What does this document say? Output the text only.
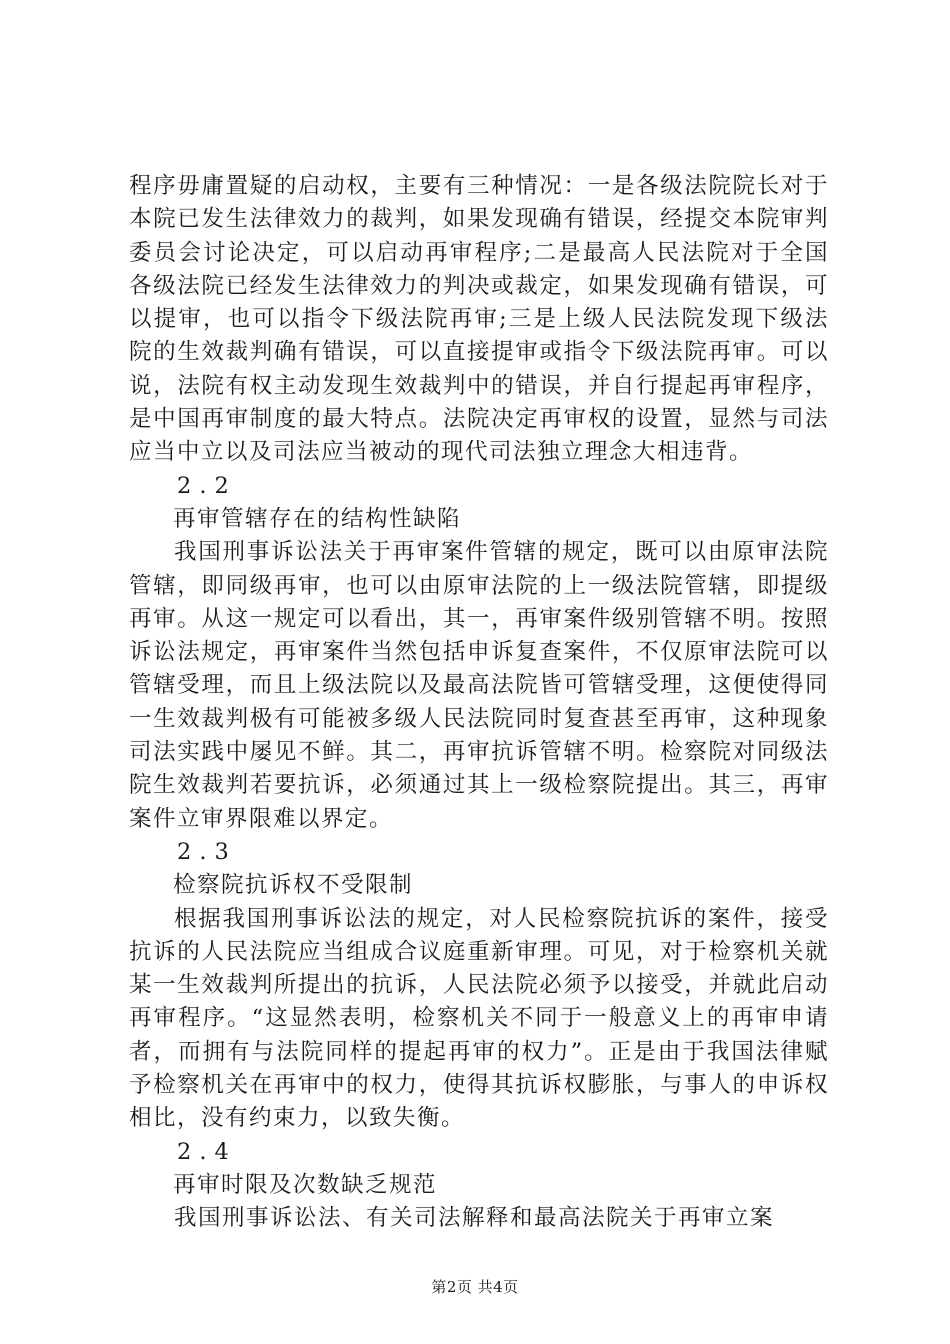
程序毋庸置疑的启动权，主要有三种情况：一是各级法院院长对于本院已发生法律效力的裁判，如果发现确有错误，经提交本院审判委员会讨论决定，可以启动再审程序;二是最高人民法院对于全国各级法院已经发生法律效力的判决或裁定，如果发现确有错误，可以提审，也可以指令下级法院再审;三是上级人民法院发现下级法院的生效裁判确有错误，可以直接提审或指令下级法院再审。可以说，法院有权主动发现生效裁判中的错误，并自行提起再审程序，是中国再审制度的最大特点。法院决定再审权的设置，显然与司法应当中立以及司法应当被动的现代司法独立理念大相违背。

2.2

再审管辖存在的结构性缺陷

我国刑事诉讼法关于再审案件管辖的规定，既可以由原审法院管辖，即同级再审，也可以由原审法院的上一级法院管辖，即提级再审。从这一规定可以看出，其一，再审案件级别管辖不明。按照诉讼法规定，再审案件当然包括申诉复查案件，不仅原审法院可以管辖受理，而且上级法院以及最高法院皆可管辖受理，这便使得同一生效裁判极有可能被多级人民法院同时复查甚至再审，这种现象司法实践中屡见不鲜。其二，再审抗诉管辖不明。检察院对同级法院生效裁判若要抗诉，必须通过其上一级检察院提出。其三，再审案件立审界限难以界定。

2.3

检察院抗诉权不受限制

根据我国刑事诉讼法的规定，对人民检察院抗诉的案件，接受抗诉的人民法院应当组成合议庭重新审理。可见，对于检察机关就某一生效裁判所提出的抗诉，人民法院必须予以接受，并就此启动再审程序。“这显然表明，检察机关不同于一般意义上的再审申请者，而拥有与法院同样的提起再审的权力”。正是由于我国法律赋予检察机关在再审中的权力，使得其抗诉权膨胀，与事人的申诉权相比，没有约束力，以致失衡。

2.4

再审时限及次数缺乏规范

我国刑事诉讼法、有关司法解释和最高法院关于再审立案

第2页 共4页
